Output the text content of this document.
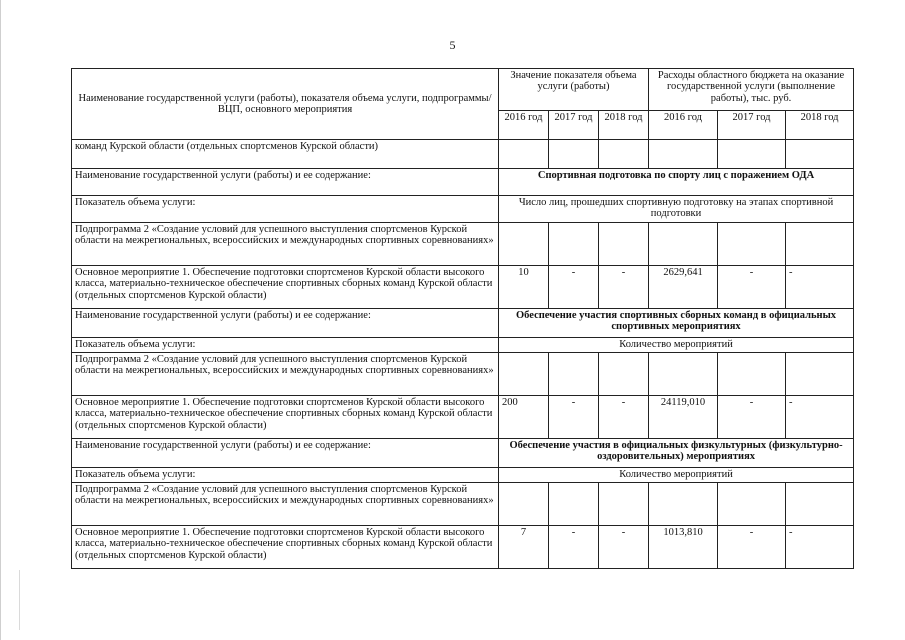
5
Наименование государственной услуги (работы), показателя объема услуги, подпрограммы/ВЦП, основного мероприятия	Значение показателя объема услуги (работы)			Расходы областного бюджета на оказание государственной услуги (выполнение работы), тыс. руб.		
	2016 год	2017 год	2018 год	2016 год	2017 год	2018 год
команд Курской области (отдельных спортсменов Курской области)						
Наименование государственной услуги (работы) и ее содержание:	Спортивная подготовка по спорту лиц с поражением ОДА					
Показатель объема услуги:	Число лиц, прошедших спортивную подготовку на этапах спортивной подготовки					
Подпрограмма 2 «Создание условий для успешного выступления спортсменов Курской области на межрегиональных, всероссийских и международных спортивных соревнованиях»						
Основное мероприятие 1. Обеспечение подготовки спортсменов Курской области высокого класса, материально-техническое обеспечение спортивных сборных команд Курской области (отдельных спортсменов Курской области)	10	-	-	2629,641	-	-
Наименование государственной услуги (работы) и ее содержание:	Обеспечение участия спортивных сборных команд в официальных спортивных мероприятиях					
Показатель объема услуги:	Количество мероприятий					
Подпрограмма 2 «Создание условий для успешного выступления спортсменов Курской области на межрегиональных, всероссийских и международных спортивных соревнованиях»						
Основное мероприятие 1. Обеспечение подготовки спортсменов Курской области высокого класса, материально-техническое обеспечение спортивных сборных команд Курской области (отдельных спортсменов Курской области)	200	-	-	24119,010	-	-
Наименование государственной услуги (работы) и ее содержание:	Обеспечение участия в официальных физкультурных (физкультурно-оздоровительных) мероприятиях					
Показатель объема услуги:	Количество мероприятий					
Подпрограмма 2 «Создание условий для успешного выступления спортсменов Курской области на межрегиональных, всероссийских и международных спортивных соревнованиях»						
Основное мероприятие 1. Обеспечение подготовки спортсменов Курской области высокого класса, материально-техническое обеспечение спортивных сборных команд Курской области (отдельных спортсменов Курской области)	7	-	-	1013,810	-	-
